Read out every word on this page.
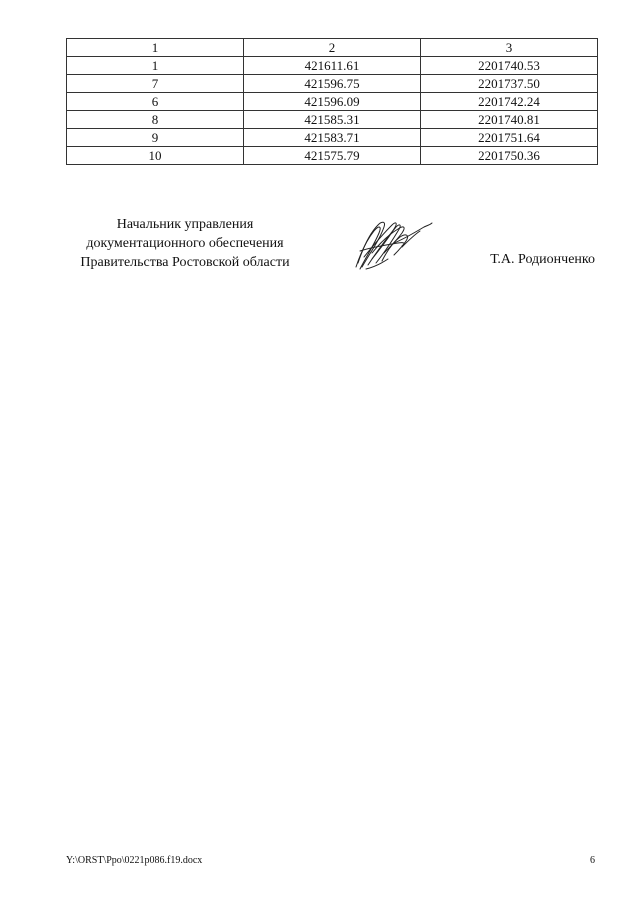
1	2	3
1	421611.61	2201740.53
7	421596.75	2201737.50
6	421596.09	2201742.24
8	421585.31	2201740.81
9	421583.71	2201751.64
10	421575.79	2201750.36
Начальник управления
документационного обеспечения
Правительства Ростовской области	Т.А. Родионченко
Y:\ORST\Ppo\0221p086.f19.docx	6
